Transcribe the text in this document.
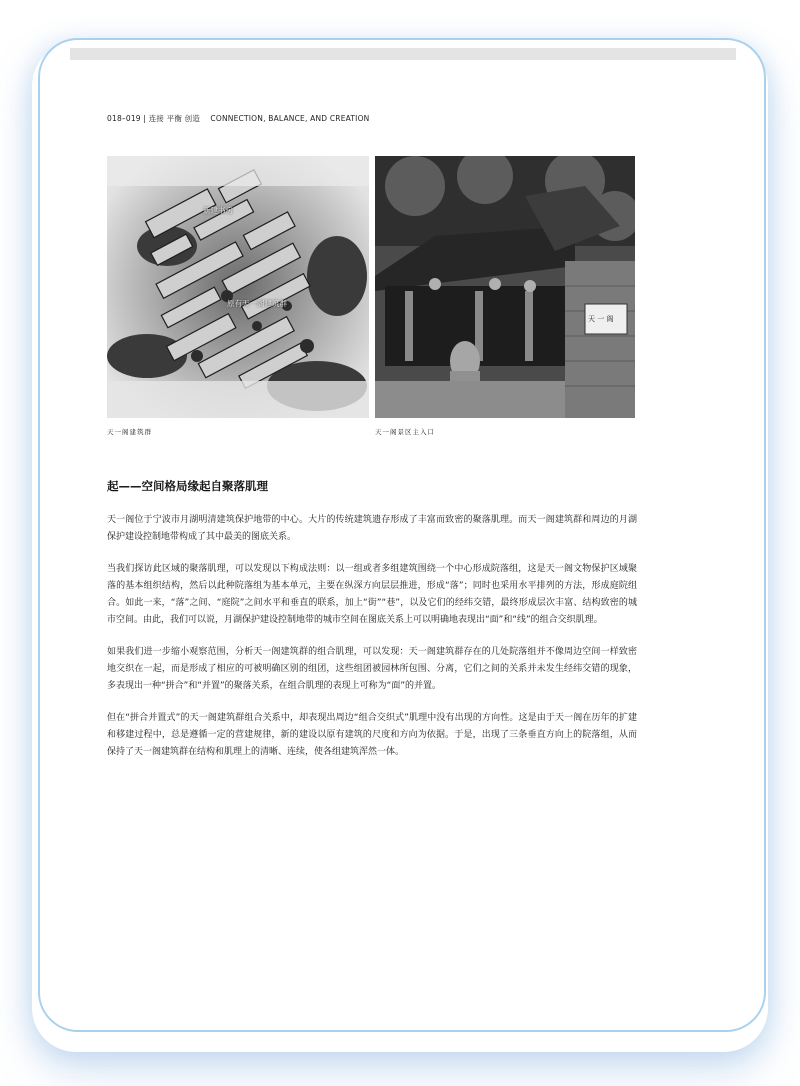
018–019 | 连接 平衡 创造 CONNECTION, BALANCE, AND CREATION
新建书房
原有天一阁建筑群
天 一 阁
天一阁建筑群	天一阁景区主入口
起——空间格局缘起自聚落肌理

天一阁位于宁波市月湖明清建筑保护地带的中心。大片的传统建筑遗存形成了丰富而致密的聚落肌理。而天一阁建筑群和周边的月湖保护建设控制地带构成了其中最美的图底关系。

当我们探访此区域的聚落肌理，可以发现以下构成法则：以一组或者多组建筑围绕一个中心形成院落组，这是天一阁文物保护区域聚落的基本组织结构，然后以此种院落组为基本单元，主要在纵深方向层层推进，形成“落”；同时也采用水平排列的方法，形成庭院组合。如此一来，“落”之间、“庭院”之间水平和垂直的联系，加上“街”“巷”，以及它们的经纬交错，最终形成层次丰富、结构致密的城市空间。由此，我们可以说，月湖保护建设控制地带的城市空间在图底关系上可以明确地表现出“面”和“线”的组合交织肌理。

如果我们进一步缩小观察范围，分析天一阁建筑群的组合肌理，可以发现：天一阁建筑群存在的几处院落组并不像周边空间一样致密地交织在一起，而是形成了相应的可被明确区别的组团，这些组团被园林所包围、分离，它们之间的关系并未发生经纬交错的现象，多表现出一种“拼合”和“并置”的聚落关系，在组合肌理的表现上可称为“面”的并置。

但在“拼合并置式”的天一阁建筑群组合关系中，却表现出周边“组合交织式”肌理中没有出现的方向性。这是由于天一阁在历年的扩建和移建过程中，总是遵循一定的营建规律，新的建设以原有建筑的尺度和方向为依据。于是，出现了三条垂直方向上的院落组，从而保持了天一阁建筑群在结构和肌理上的清晰、连续，使各组建筑浑然一体。
